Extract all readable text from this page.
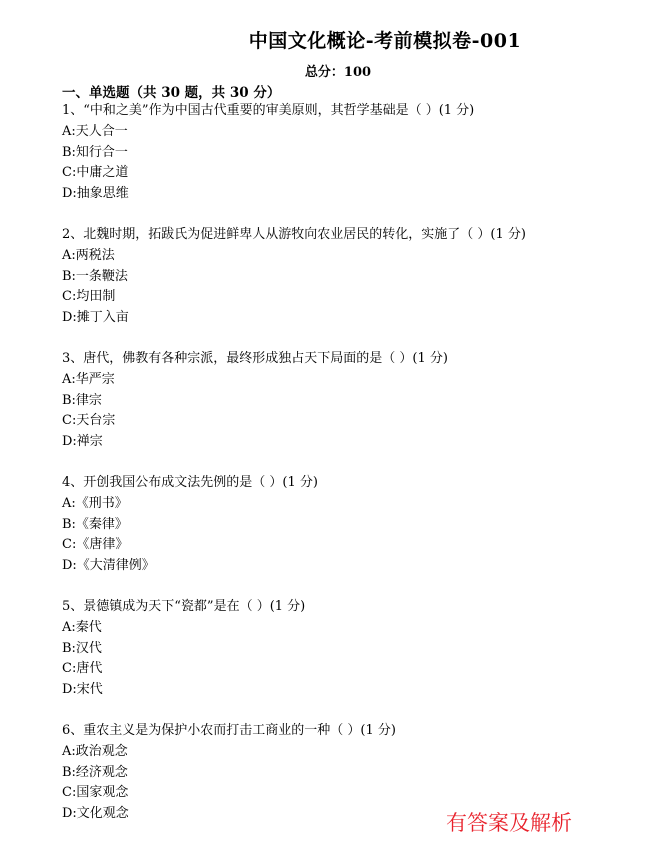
中国文化概论-考前模拟卷-001
总分：100
一、单选题（共 30 题，共 30 分）
1、“中和之美”作为中国古代重要的审美原则，其哲学基础是（ ）(1 分)
A:天人合一
B:知行合一
C:中庸之道
D:抽象思维
2、北魏时期，拓跋氏为促进鲜卑人从游牧向农业居民的转化，实施了（ ）(1 分)
A:两税法
B:一条鞭法
C:均田制
D:摊丁入亩
3、唐代，佛教有各种宗派，最终形成独占天下局面的是（ ）(1 分)
A:华严宗
B:律宗
C:天台宗
D:禅宗
4、开创我国公布成文法先例的是（ ）(1 分)
A:《刑书》
B:《秦律》
C:《唐律》
D:《大清律例》
5、景德镇成为天下“瓷都”是在（ ）(1 分)
A:秦代
B:汉代
C:唐代
D:宋代
6、重农主义是为保护小农而打击工商业的一种（ ）(1 分)
A:政治观念
B:经济观念
C:国家观念
D:文化观念	有答案及解析
